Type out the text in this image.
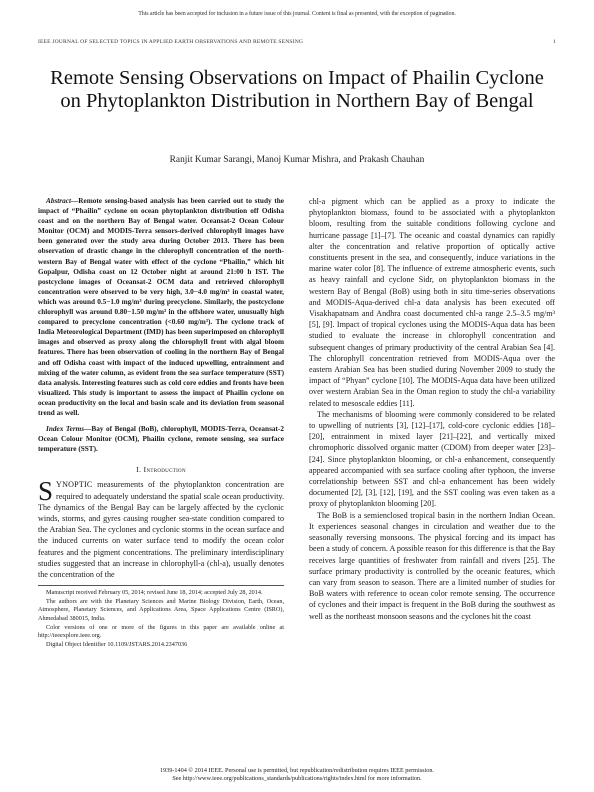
This article has been accepted for inclusion in a future issue of this journal. Content is final as presented, with the exception of pagination.
IEEE JOURNAL OF SELECTED TOPICS IN APPLIED EARTH OBSERVATIONS AND REMOTE SENSING	1
Remote Sensing Observations on Impact of Phailin Cyclone on Phytoplankton Distribution in Northern Bay of Bengal
Ranjit Kumar Sarangi, Manoj Kumar Mishra, and Prakash Chauhan

Abstract—Remote sensing-based analysis has been carried out to study the impact of “Phailin” cyclone on ocean phytoplankton distribution off Odisha coast and on the northern Bay of Bengal water. Oceansat-2 Ocean Colour Monitor (OCM) and MODIS-Terra sensors-derived chlorophyll images have been generated over the study area during October 2013. There has been observation of drastic change in the chlorophyll concentration of the north-western Bay of Bengal water with effect of the cyclone “Phailin,” which hit Gopalpur, Odisha coast on 12 October night at around 21:00 h IST. The postcyclone images of Oceansat-2 OCM data and retrieved chlorophyll concentration were observed to be very high, 3.0−4.0 mg/m³ in coastal water, which was around 0.5−1.0 mg/m³ during precyclone. Similarly, the postcyclone chlorophyll was around 0.80−1.50 mg/m³ in the offshore water, unusually high compared to precyclone concentration (<0.60 mg/m³). The cyclone track of India Meteorological Department (IMD) has been superimposed on chlorophyll images and observed as proxy along the chlorophyll front with algal bloom features. There has been observation of cooling in the northern Bay of Bengal and off Odisha coast with impact of the induced upwelling, entrainment and mixing of the water column, as evident from the sea surface temperature (SST) data analysis. Interesting features such as cold core eddies and fronts have been visualized. This study is important to assess the impact of Phailin cyclone on ocean productivity on the local and basin scale and its deviation from seasonal trend as well.

Index Terms—Bay of Bengal (BoB), chlorophyll, MODIS-Terra, Oceansat-2 Ocean Colour Monitor (OCM), Phailin cyclone, remote sensing, sea surface temperature (SST).

I. Introduction

SYNOPTIC measurements of the phytoplankton concentration are required to adequately understand the spatial scale ocean productivity. The dynamics of the Bengal Bay can be largely affected by the cyclonic winds, storms, and gyres causing rougher sea-state condition compared to the Arabian Sea. The cyclones and cyclonic storms in the ocean surface and the induced currents on water surface tend to modify the ocean color features and the pigment concentrations. The preliminary interdisciplinary studies suggested that an increase in chlorophyll-a (chl-a), usually denotes the concentration of the

Manuscript received February 05, 2014; revised June 18, 2014; accepted July 28, 2014.

The authors are with the Planetary Sciences and Marine Biology Division, Earth, Ocean, Atmosphere, Planetary Sciences, and Applications Area, Space Applications Centre (ISRO), Ahmedabad 380015, India.

Color versions of one or more of the figures in this paper are available online at http://ieeexplore.ieee.org.

Digital Object Identifier 10.1109/JSTARS.2014.2347036

chl-a pigment which can be applied as a proxy to indicate the phytoplankton biomass, found to be associated with a phytoplankton bloom, resulting from the suitable conditions following cyclone and hurricane passage [1]–[7]. The oceanic and coastal dynamics can rapidly alter the concentration and relative proportion of optically active constituents present in the sea, and consequently, induce variations in the marine water color [8]. The influence of extreme atmospheric events, such as heavy rainfall and cyclone Sidr, on phytoplankton biomass in the western Bay of Bengal (BoB) using both in situ time-series observations and MODIS-Aqua-derived chl-a data analysis has been executed off Visakhapatnam and Andhra coast documented chl-a range 2.5–3.5 mg/m³ [5], [9]. Impact of tropical cyclones using the MODIS-Aqua data has been studied to evaluate the increase in chlorophyll concentration and subsequent changes of primary productivity of the central Arabian Sea [4]. The chlorophyll concentration retrieved from MODIS-Aqua over the eastern Arabian Sea has been studied during November 2009 to study the impact of “Phyan” cyclone [10]. The MODIS-Aqua data have been utilized over western Arabian Sea in the Oman region to study the chl-a variability related to mesoscale eddies [11].

The mechanisms of blooming were commonly considered to be related to upwelling of nutrients [3], [12]–[17], cold-core cyclonic eddies [18]–[20], entrainment in mixed layer [21]–[22], and vertically mixed chromophoric dissolved organic matter (CDOM) from deeper water [23]–[24]. Since phytoplankton blooming, or chl-a enhancement, consequently appeared accompanied with sea surface cooling after typhoon, the inverse correlationship between SST and chl-a enhancement has been widely documented [2], [3], [12], [19], and the SST cooling was even taken as a proxy of phytoplankton blooming [20].

The BoB is a semienclosed tropical basin in the northern Indian Ocean. It experiences seasonal changes in circulation and weather due to the seasonally reversing monsoons. The physical forcing and its impact has been a study of concern. A possible reason for this difference is that the Bay receives large quantities of freshwater from rainfall and rivers [25]. The surface primary productivity is controlled by the oceanic features, which can vary from season to season. There are a limited number of studies for BoB waters with reference to ocean color remote sensing. The occurrence of cyclones and their impact is frequent in the BoB during the southwest as well as the northeast monsoon seasons and the cyclones hit the coast

1939-1404 © 2014 IEEE. Personal use is permitted, but republication/redistribution requires IEEE permission.
See http://www.ieee.org/publications_standards/publications/rights/index.html for more information.
